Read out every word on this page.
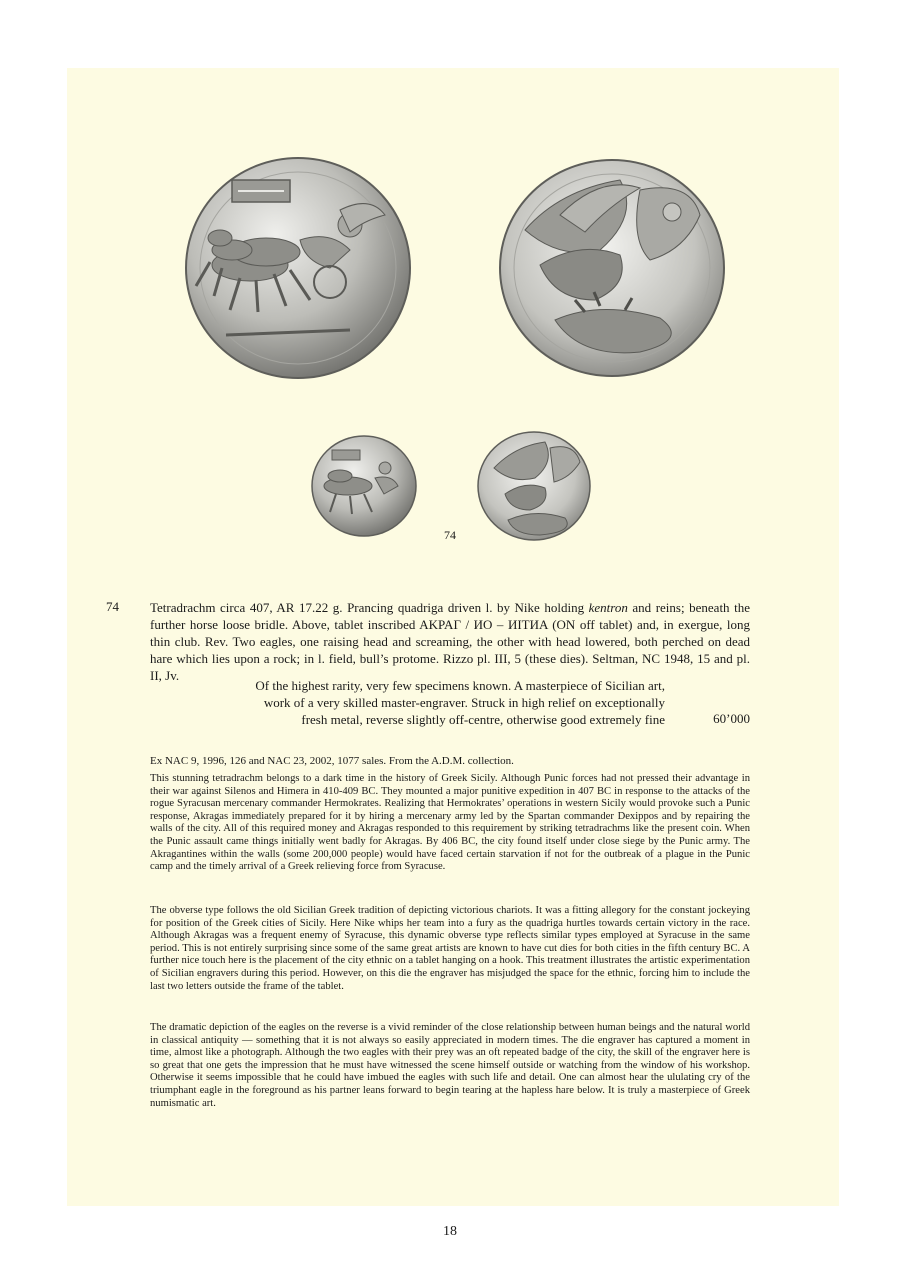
74
74 Tetradrachm circa 407, AR 17.22 g. Prancing quadriga driven l. by Nike holding kentron and reins; beneath the further horse loose bridle. Above, tablet inscribed AKPAΓ / ИO – ИITИA (ON off tablet) and, in exergue, long thin club. Rev. Two eagles, one raising head and screaming, the other with head lowered, both perched on dead hare which lies upon a rock; in l. field, bull’s protome. Rizzo pl. III, 5 (these dies). Seltman, NC 1948, 15 and pl. II, Jv.
Of the highest rarity, very few specimens known. A masterpiece of Sicilian art,
work of a very skilled master-engraver. Struck in high relief on exceptionally
fresh metal, reverse slightly off-centre, otherwise good extremely fine	60’000
Ex NAC 9, 1996, 126 and NAC 23, 2002, 1077 sales. From the A.D.M. collection.
This stunning tetradrachm belongs to a dark time in the history of Greek Sicily. Although Punic forces had not pressed their advantage in their war against Silenos and Himera in 410-409 BC. They mounted a major punitive expedition in 407 BC in response to the attacks of the rogue Syracusan mercenary commander Hermokrates. Realizing that Hermokrates’ operations in western Sicily would provoke such a Punic response, Akragas immediately prepared for it by hiring a mercenary army led by the Spartan commander Dexippos and by repairing the walls of the city. All of this required money and Akragas responded to this requirement by striking tetradrachms like the present coin. When the Punic assault came things initially went badly for Akragas. By 406 BC, the city found itself under close siege by the Punic army. The Akragantines within the walls (some 200,000 people) would have faced certain starvation if not for the outbreak of a plague in the Punic camp and the timely arrival of a Greek relieving force from Syracuse.
The obverse type follows the old Sicilian Greek tradition of depicting victorious chariots. It was a fitting allegory for the constant jockeying for position of the Greek cities of Sicily. Here Nike whips her team into a fury as the quadriga hurtles towards certain victory in the race. Although Akragas was a frequent enemy of Syracuse, this dynamic obverse type reflects similar types employed at Syracuse in the same period. This is not entirely surprising since some of the same great artists are known to have cut dies for both cities in the fifth century BC. A further nice touch here is the placement of the city ethnic on a tablet hanging on a hook. This treatment illustrates the artistic experimentation of Sicilian engravers during this period. However, on this die the engraver has misjudged the space for the ethnic, forcing him to include the last two letters outside the frame of the tablet.
The dramatic depiction of the eagles on the reverse is a vivid reminder of the close relationship between human beings and the natural world in classical antiquity — something that it is not always so easily appreciated in modern times. The die engraver has captured a moment in time, almost like a photograph. Although the two eagles with their prey was an oft repeated badge of the city, the skill of the engraver here is so great that one gets the impression that he must have witnessed the scene himself outside or watching from the window of his workshop. Otherwise it seems impossible that he could have imbued the eagles with such life and detail. One can almost hear the ululating cry of the triumphant eagle in the foreground as his partner leans forward to begin tearing at the hapless hare below. It is truly a masterpiece of Greek numismatic art.
18
